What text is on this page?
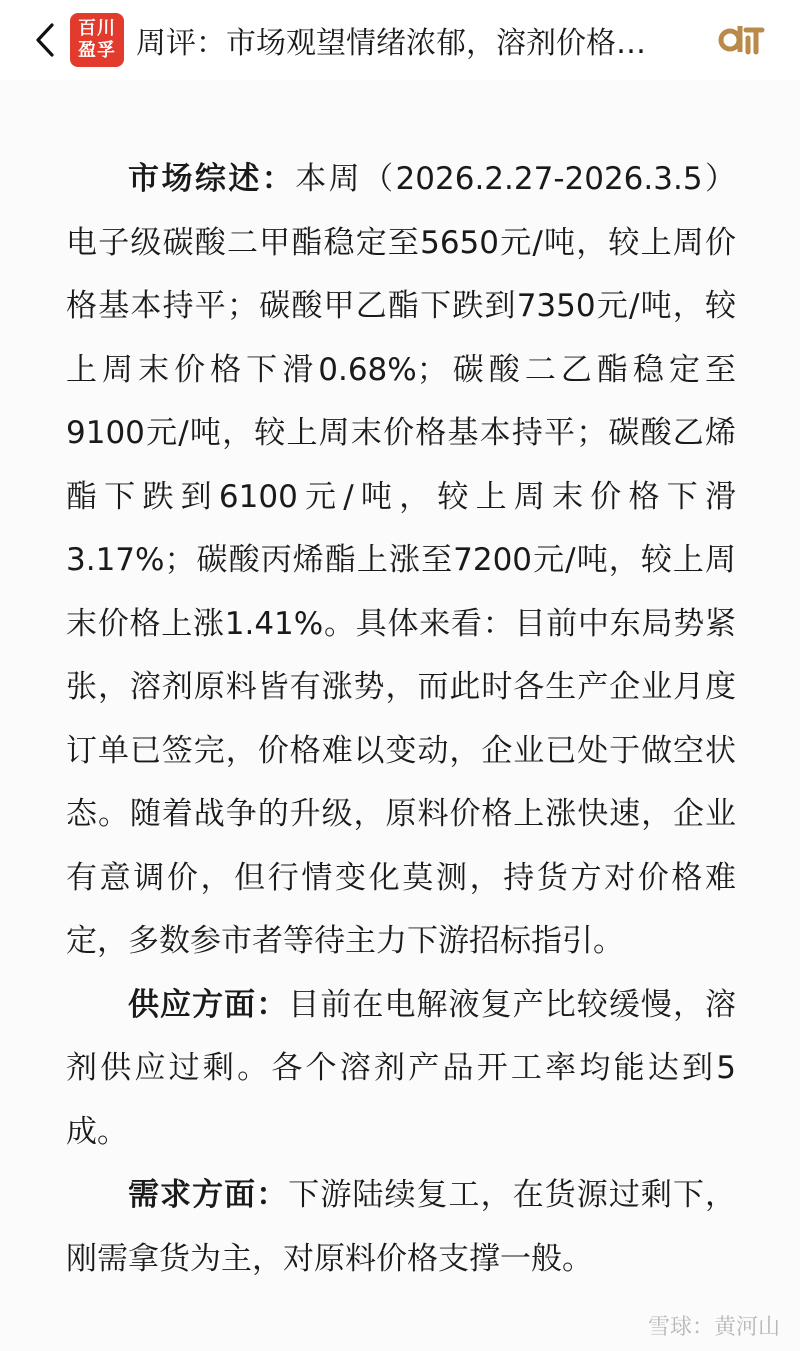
百川
盈孚 周评：市场观望情绪浓郁，溶剂价格…

市场综述：本周（2026.2.27-2026.3.5）电子级碳酸二甲酯稳定至5650元/吨，较上周价格基本持平；碳酸甲乙酯下跌到7350元/吨，较上周末价格下滑0.68%；碳酸二乙酯稳定至9100元/吨，较上周末价格基本持平；碳酸乙烯酯下跌到6100元/吨，较上周末价格下滑3.17%；碳酸丙烯酯上涨至7200元/吨，较上周末价格上涨1.41%。具体来看：目前中东局势紧张，溶剂原料皆有涨势，而此时各生产企业月度订单已签完，价格难以变动，企业已处于做空状态。随着战争的升级，原料价格上涨快速，企业有意调价，但行情变化莫测，持货方对价格难定，多数参市者等待主力下游招标指引。

供应方面：目前在电解液复产比较缓慢，溶剂供应过剩。各个溶剂产品开工率均能达到5成。

需求方面：下游陆续复工，在货源过剩下，刚需拿货为主，对原料价格支撑一般。

雪球：黄河山
